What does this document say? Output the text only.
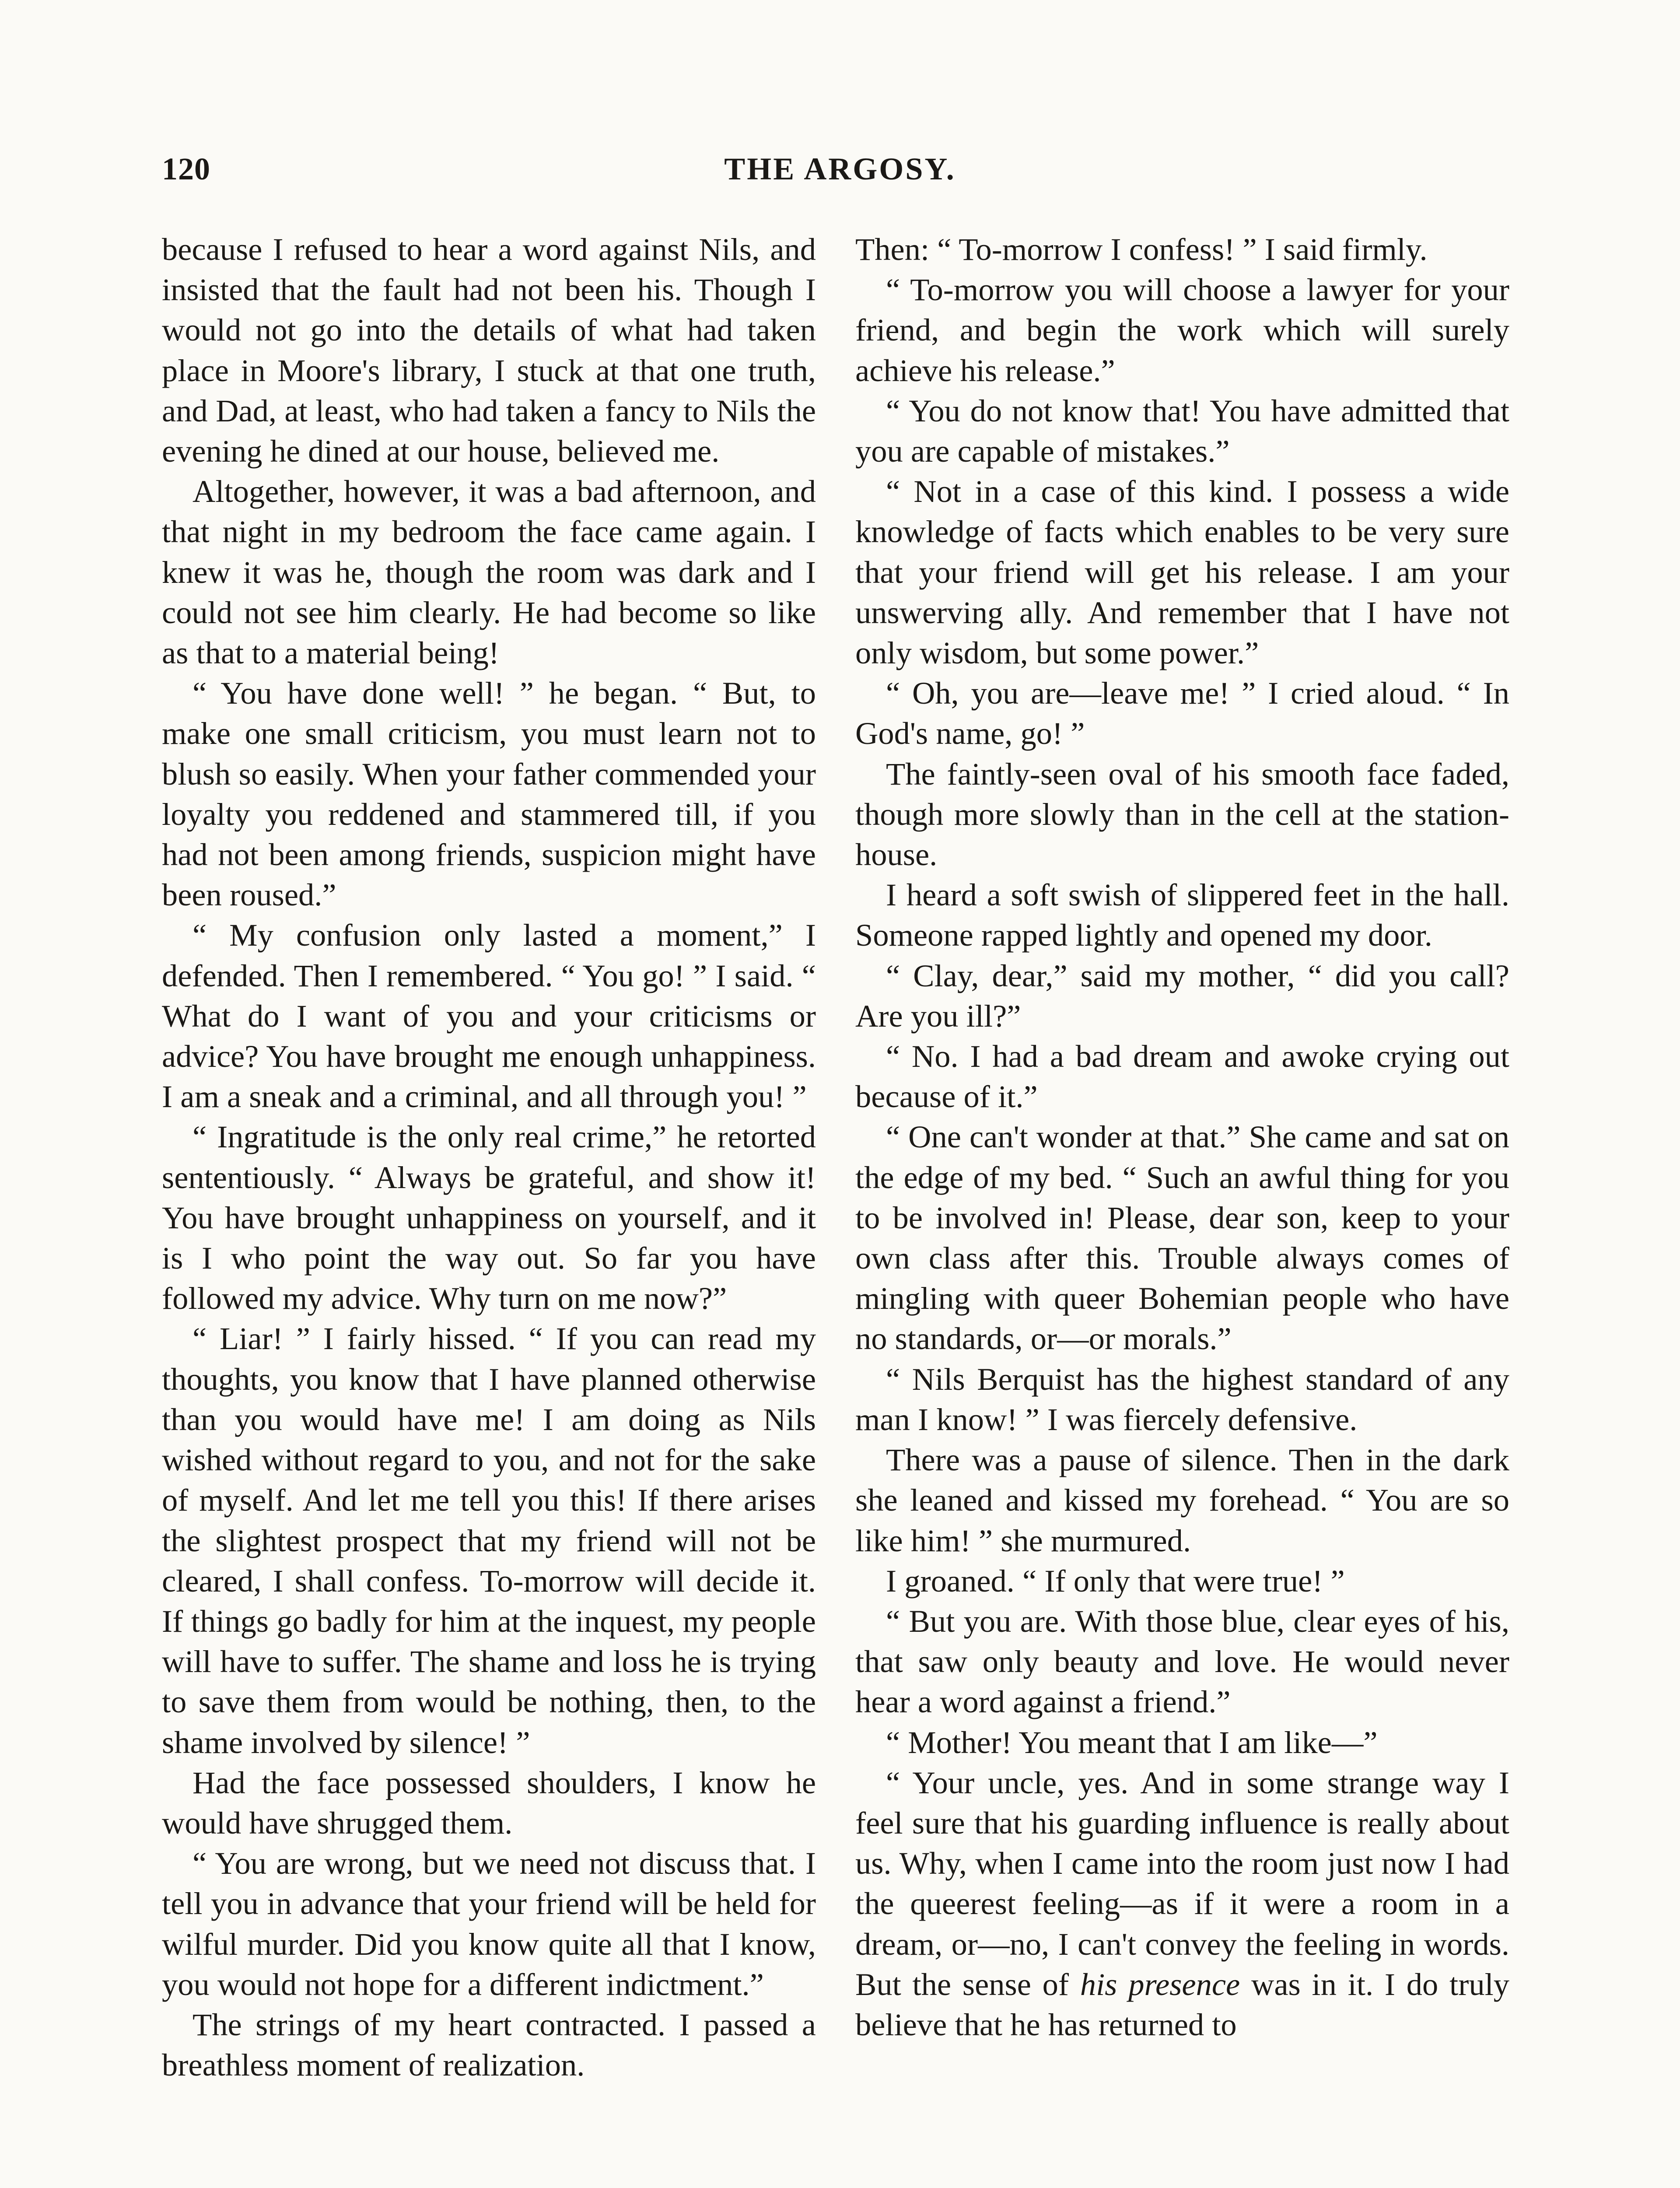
120	THE ARGOSY.

because I refused to hear a word against Nils, and insisted that the fault had not been his. Though I would not go into the details of what had taken place in Moore's library, I stuck at that one truth, and Dad, at least, who had taken a fancy to Nils the evening he dined at our house, believed me.

Altogether, however, it was a bad afternoon, and that night in my bedroom the face came again. I knew it was he, though the room was dark and I could not see him clearly. He had become so like as that to a material being!

“ You have done well! ” he began. “ But, to make one small criticism, you must learn not to blush so easily. When your father commended your loyalty you reddened and stammered till, if you had not been among friends, suspicion might have been roused.”

“ My confusion only lasted a moment,” I defended. Then I remembered. “ You go! ” I said. “ What do I want of you and your criticisms or advice? You have brought me enough unhappiness. I am a sneak and a criminal, and all through you! ”

“ Ingratitude is the only real crime,” he retorted sententiously. “ Always be grateful, and show it! You have brought unhappiness on yourself, and it is I who point the way out. So far you have followed my advice. Why turn on me now?”

“ Liar! ” I fairly hissed. “ If you can read my thoughts, you know that I have planned otherwise than you would have me! I am doing as Nils wished without regard to you, and not for the sake of myself. And let me tell you this! If there arises the slightest prospect that my friend will not be cleared, I shall confess. To-morrow will decide it. If things go badly for him at the inquest, my people will have to suffer. The shame and loss he is trying to save them from would be nothing, then, to the shame involved by silence! ”

Had the face possessed shoulders, I know he would have shrugged them.

“ You are wrong, but we need not discuss that. I tell you in advance that your friend will be held for wilful murder. Did you know quite all that I know, you would not hope for a different indictment.”

The strings of my heart contracted. I passed a breathless moment of realization.

Then: “ To-morrow I confess! ” I said firmly.

“ To-morrow you will choose a lawyer for your friend, and begin the work which will surely achieve his release.”

“ You do not know that! You have admitted that you are capable of mistakes.”

“ Not in a case of this kind. I possess a wide knowledge of facts which enables to be very sure that your friend will get his release. I am your unswerving ally. And remember that I have not only wisdom, but some power.”

“ Oh, you are—leave me! ” I cried aloud. “ In God's name, go! ”

The faintly-seen oval of his smooth face faded, though more slowly than in the cell at the station-house.

I heard a soft swish of slippered feet in the hall. Someone rapped lightly and opened my door.

“ Clay, dear,” said my mother, “ did you call? Are you ill?”

“ No. I had a bad dream and awoke crying out because of it.”

“ One can't wonder at that.” She came and sat on the edge of my bed. “ Such an awful thing for you to be involved in! Please, dear son, keep to your own class after this. Trouble always comes of mingling with queer Bohemian people who have no standards, or—or morals.”

“ Nils Berquist has the highest standard of any man I know! ” I was fiercely defensive.

There was a pause of silence. Then in the dark she leaned and kissed my forehead. “ You are so like him! ” she murmured.

I groaned. “ If only that were true! ”

“ But you are. With those blue, clear eyes of his, that saw only beauty and love. He would never hear a word against a friend.”

“ Mother! You meant that I am like—”

“ Your uncle, yes. And in some strange way I feel sure that his guarding influence is really about us. Why, when I came into the room just now I had the queerest feeling—as if it were a room in a dream, or—no, I can't convey the feeling in words. But the sense of his presence was in it. I do truly believe that he has returned to
